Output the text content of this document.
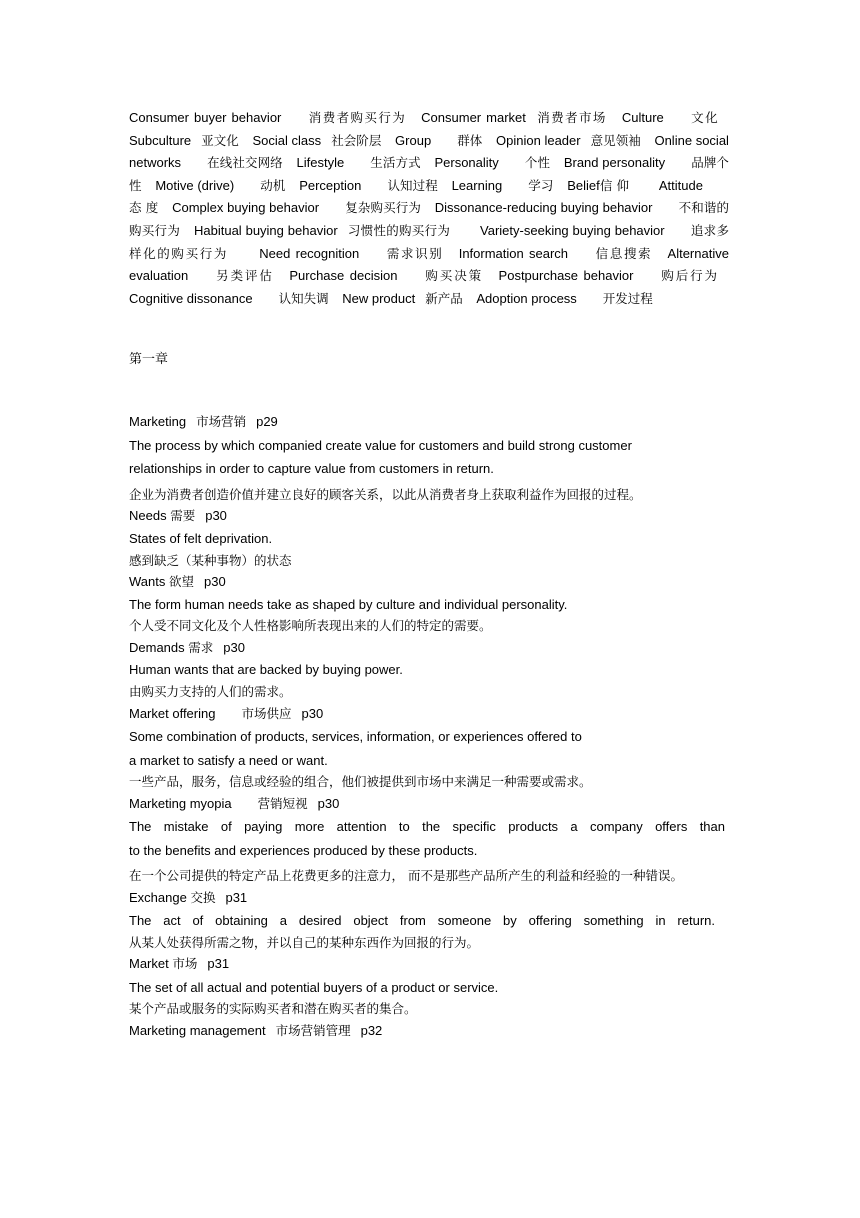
Consumer buyer behavior 消费者购买行为 Consumer market 消费者市场 Culture 文化 Subculture 亚文化 Social class 社会阶层 Group 群体 Opinion leader 意见领袖 Online social networks 在线社交网络 Lifestyle 生活方式 Personality 个性 Brand personality 品牌个性 Motive (drive) 动机 Perception 认知过程 Learning 学习 Belief信 仰 Attitude态 度 Complex buying behavior 复杂购买行为 Dissonance-reducing buying behavior 不和谐的购买行为 Habitual buying behavior 习惯性的购买行为 Variety-seeking buying behavior 追求多样化的购买行为 Need recognition 需求识别 Information search 信息搜索 Alternative evaluation 另类评估 Purchase decision 购买决策 Postpurchase behavior 购后行为 Cognitive dissonance 认知失调 New product 新产品 Adoption process 开发过程

第一章

Marketing 市场营销 p29

The process by which companied create value for customers and build strong customer

relationships in order to capture value from customers in return.

企业为消费者创造价值并建立良好的顾客关系，以此从消费者身上获取利益作为回报的过程。

Needs 需要 p30

States of felt deprivation.

感到缺乏（某种事物）的状态

Wants 欲望 p30

The form human needs take as shaped by culture and individual personality.

个人受不同文化及个人性格影响所表现出来的人们的特定的需要。

Demands 需求 p30

Human wants that are backed by buying power.

由购买力支持的人们的需求。

Market offering 市场供应 p30

Some combination of products, services, information, or experiences offered to

a market to satisfy a need or want.

一些产品，服务，信息或经验的组合，他们被提供到市场中来满足一种需要或需求。

Marketing myopia 营销短视 p30

The mistake of paying more attention to the specific products a company offers than

to the benefits and experiences produced by these products.

在一个公司提供的特定产品上花费更多的注意力， 而不是那些产品所产生的利益和经验的一种错误。

Exchange 交换 p31

The act of obtaining a desired object from someone by offering something in return.

从某人处获得所需之物，并以自己的某种东西作为回报的行为。

Market 市场 p31

The set of all actual and potential buyers of a product or service.

某个产品或服务的实际购买者和潜在购买者的集合。

Marketing management 市场营销管理 p32
